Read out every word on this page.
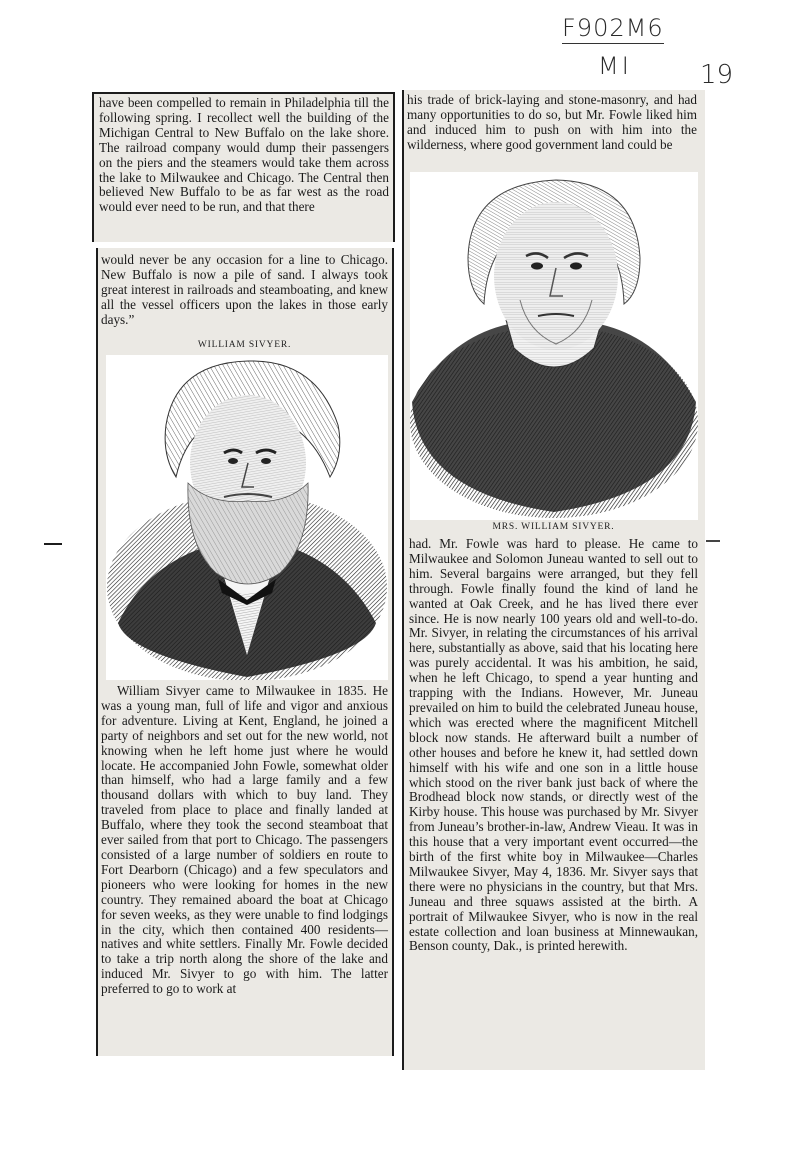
F902M6
MI	19
have been compelled to remain in Philadelphia till the following spring. I recollect well the building of the Michigan Central to New Buffalo on the lake shore. The railroad company would dump their passengers on the piers and the steamers would take them across the lake to Milwaukee and Chicago. The Central then believed New Buffalo to be as far west as the road would ever need to be run, and that there
would never be any occasion for a line to Chicago. New Buffalo is now a pile of sand. I always took great interest in railroads and steamboating, and knew all the vessel officers upon the lakes in those early days.”
WILLIAM SIVYER.
William Sivyer came to Milwaukee in 1835. He was a young man, full of life and vigor and anxious for adventure. Living at Kent, England, he joined a party of neighbors and set out for the new world, not knowing when he left home just where he would locate. He accompanied John Fowle, somewhat older than himself, who had a large family and a few thousand dollars with which to buy land. They traveled from place to place and finally landed at Buffalo, where they took the second steamboat that ever sailed from that port to Chicago. The passengers consisted of a large number of soldiers en route to Fort Dearborn (Chicago) and a few speculators and pioneers who were looking for homes in the new country. They remained aboard the boat at Chicago for seven weeks, as they were unable to find lodgings in the city, which then contained 400 residents—natives and white settlers. Finally Mr. Fowle decided to take a trip north along the shore of the lake and induced Mr. Sivyer to go with him. The latter preferred to go to work at
his trade of brick-laying and stone-masonry, and had many opportunities to do so, but Mr. Fowle liked him and induced him to push on with him into the wilderness, where good government land could be
MRS. WILLIAM SIVYER.
had. Mr. Fowle was hard to please. He came to Milwaukee and Solomon Juneau wanted to sell out to him. Several bargains were arranged, but they fell through. Fowle finally found the kind of land he wanted at Oak Creek, and he has lived there ever since. He is now nearly 100 years old and well-to-do. Mr. Sivyer, in relating the circumstances of his arrival here, substantially as above, said that his locating here was purely accidental. It was his ambition, he said, when he left Chicago, to spend a year hunting and trapping with the Indians. However, Mr. Juneau prevailed on him to build the celebrated Juneau house, which was erected where the magnificent Mitchell block now stands. He afterward built a number of other houses and before he knew it, had settled down himself with his wife and one son in a little house which stood on the river bank just back of where the Brodhead block now stands, or directly west of the Kirby house. This house was purchased by Mr. Sivyer from Juneau’s brother-in-law, Andrew Vieau. It was in this house that a very important event occurred—the birth of the first white boy in Milwaukee—Charles Milwaukee Sivyer, May 4, 1836. Mr. Sivyer says that there were no physicians in the country, but that Mrs. Juneau and three squaws assisted at the birth. A portrait of Milwaukee Sivyer, who is now in the real estate collection and loan business at Minnewaukan, Benson county, Dak., is printed herewith.
